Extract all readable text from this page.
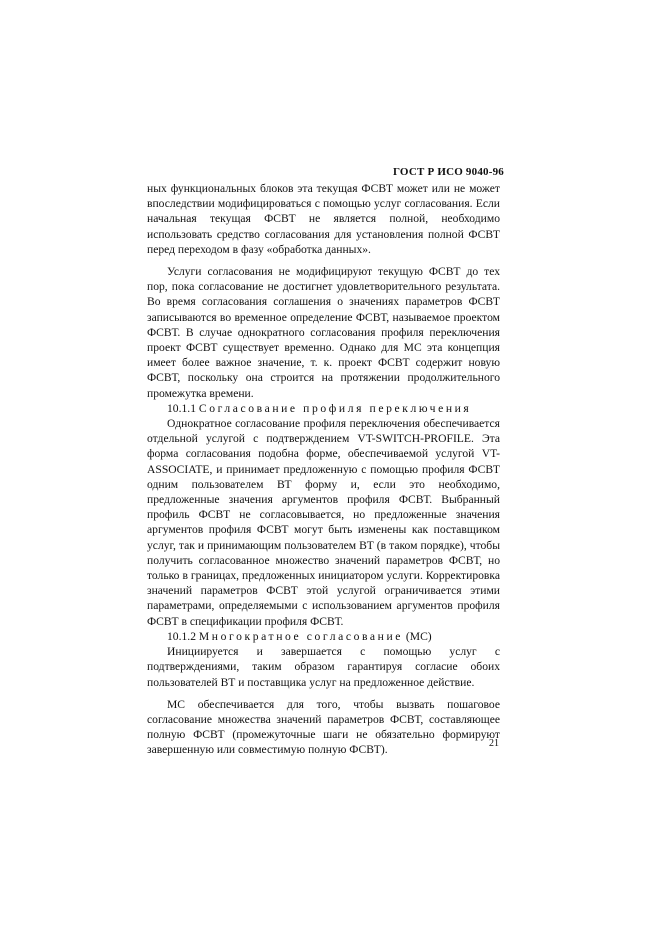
ГОСТ Р ИСО 9040-96

ных функциональных блоков эта текущая ФСВТ может или не может впоследствии модифицироваться с помощью услуг согласования. Если начальная текущая ФСВТ не является полной, необходимо использовать средство согласования для установления полной ФСВТ перед переходом в фазу «обработка данных».

Услуги согласования не модифицируют текущую ФСВТ до тех пор, пока согласование не достигнет удовлетворительного результата. Во время согласования соглашения о значениях параметров ФСВТ записываются во временное определение ФСВТ, называемое проектом ФСВТ. В случае однократного согласования профиля переключения проект ФСВТ существует временно. Однако для МС эта концепция имеет более важное значение, т. к. проект ФСВТ содержит новую ФСВТ, поскольку она строится на протяжении продолжительного промежутка времени.

10.1.1 Согласование профиля переключения

Однократное согласование профиля переключения обеспечивается отдельной услугой с подтверждением VT-SWITCH-PROFILE. Эта форма согласования подобна форме, обеспечиваемой услугой VT-ASSOCIATE, и принимает предложенную с помощью профиля ФСВТ одним пользователем ВТ форму и, если это необходимо, предложенные значения аргументов профиля ФСВТ. Выбранный профиль ФСВТ не согласовывается, но предложенные значения аргументов профиля ФСВТ могут быть изменены как поставщиком услуг, так и принимающим пользователем ВТ (в таком порядке), чтобы получить согласованное множество значений параметров ФСВТ, но только в границах, предложенных инициатором услуги. Корректировка значений параметров ФСВТ этой услугой ограничивается этими параметрами, определяемыми с использованием аргументов профиля ФСВТ в спецификации профиля ФСВТ.

10.1.2 Многократное согласование (МС)

Инициируется и завершается с помощью услуг с подтверждениями, таким образом гарантируя согласие обоих пользователей ВТ и поставщика услуг на предложенное действие.

МС обеспечивается для того, чтобы вызвать пошаговое согласование множества значений параметров ФСВТ, составляющее полную ФСВТ (промежуточные шаги не обязательно формируют завершенную или совместимую полную ФСВТ).	21
